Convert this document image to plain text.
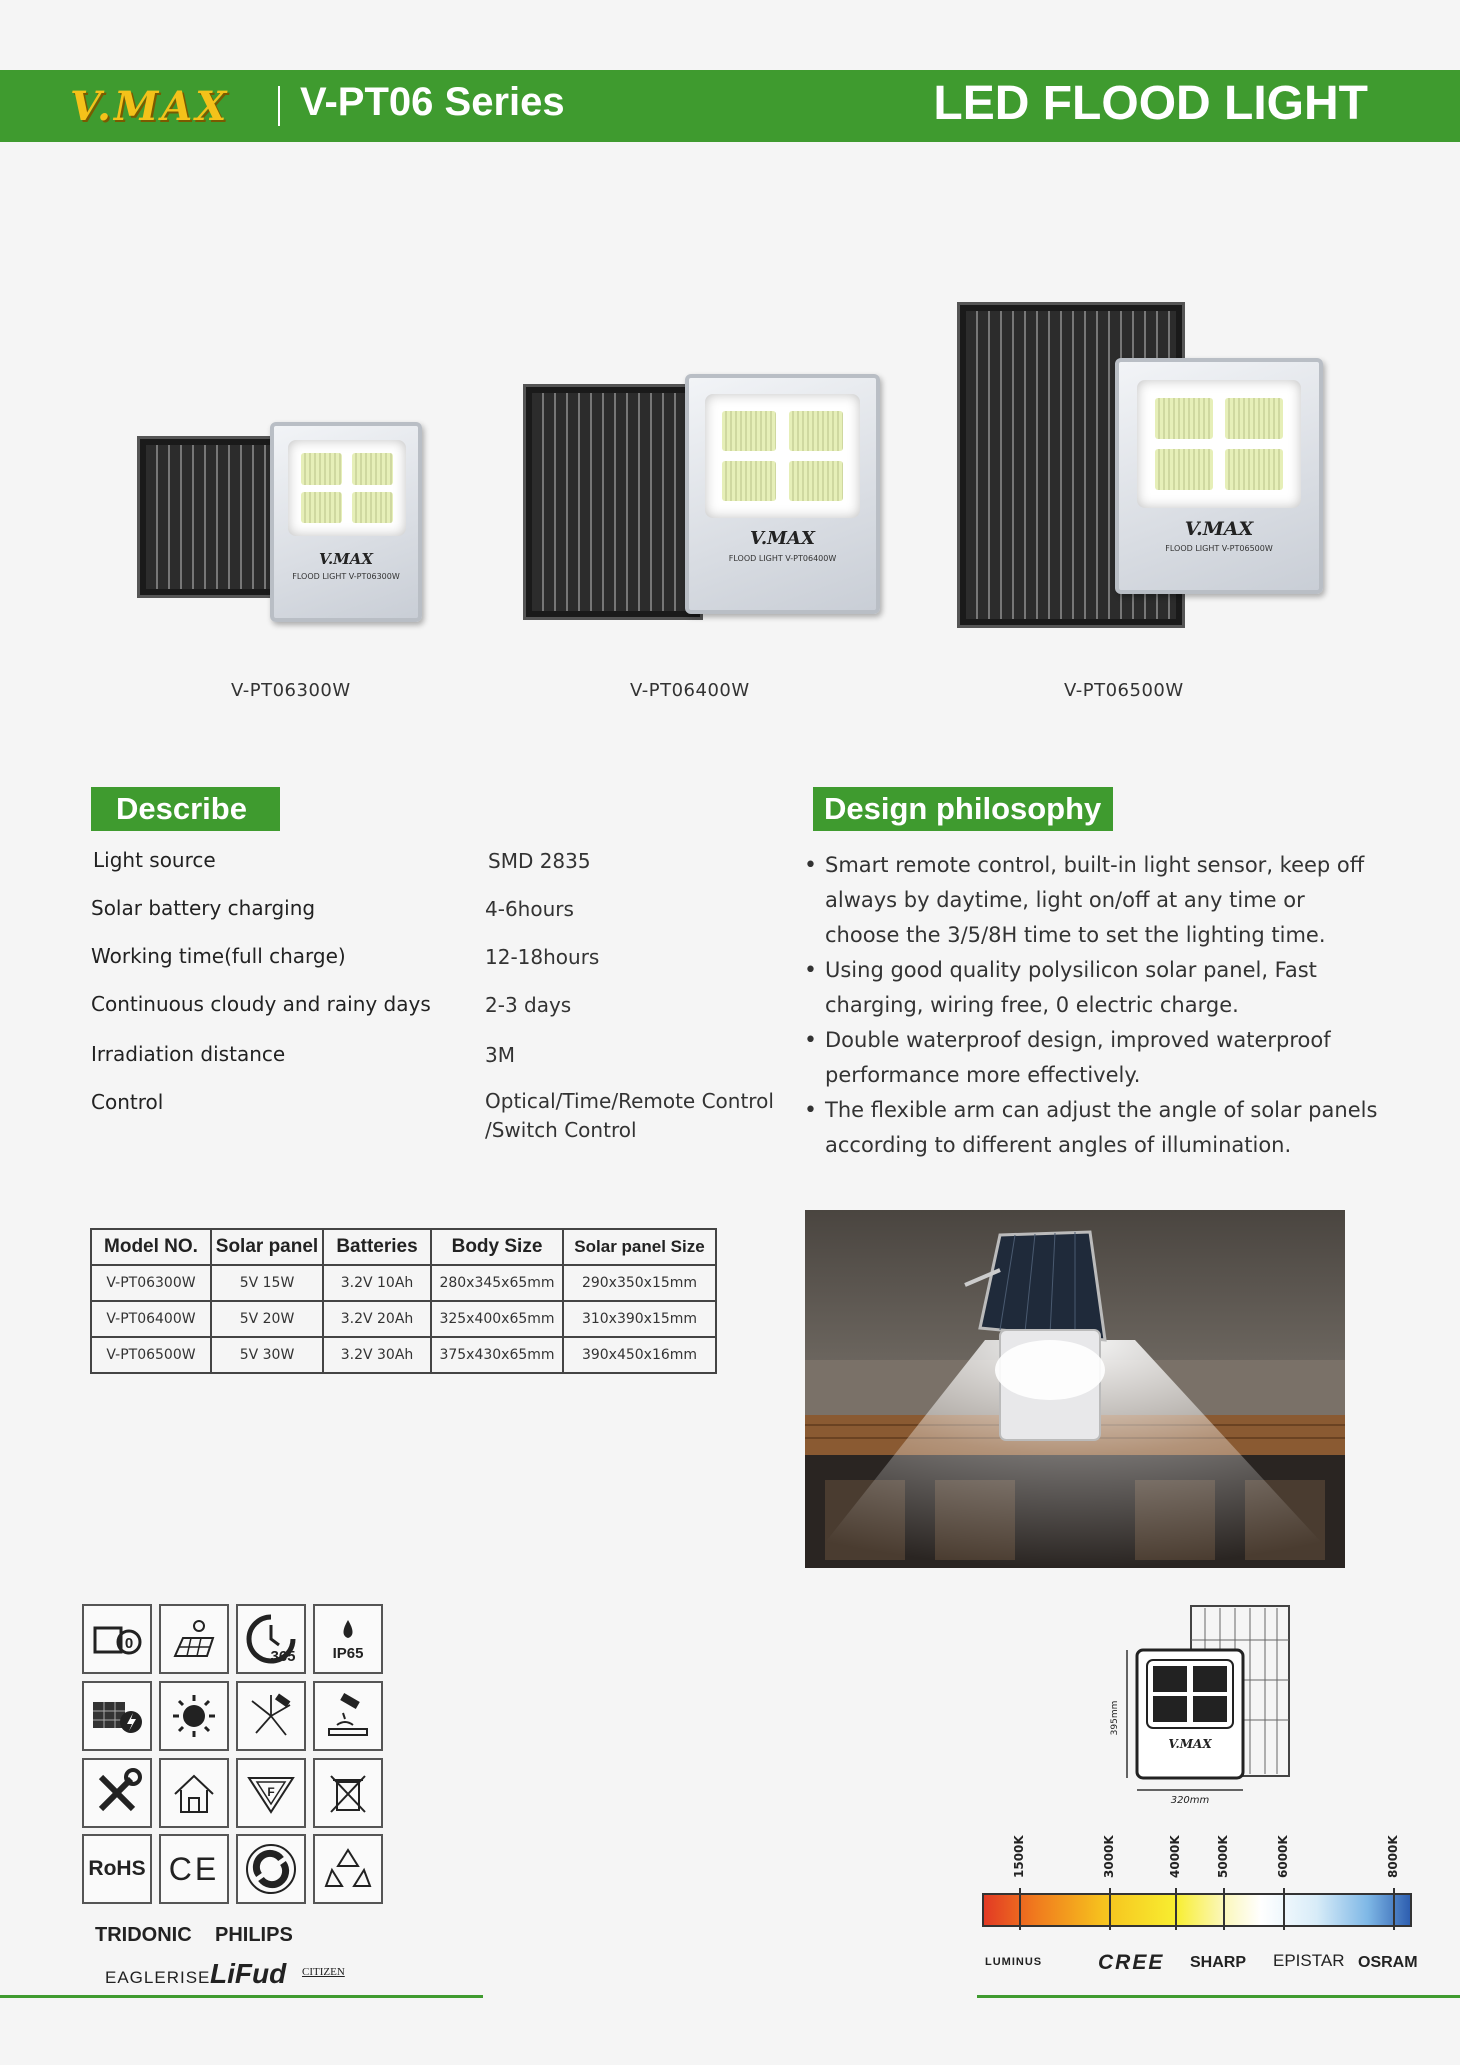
V.MAX V-PT06 Series	LED FLOOD LIGHT
V.MAX
FLOOD LIGHT V-PT06300W
V-PT06300W
V.MAX
FLOOD LIGHT V-PT06400W
V-PT06400W
V.MAX
FLOOD LIGHT V-PT06500W
V-PT06500W
Describe
Light source	SMD 2835
Solar battery charging	4-6hours
Working time(full charge)	12-18hours
Continuous cloudy and rainy days	2-3 days
Irradiation distance	3M
Control	Optical/Time/Remote Control
/Switch Control
Design philosophy
• Smart remote control, built-in light sensor, keep off always by daytime, light on/off at any time or choose the 3/5/8H time to set the lighting time.
• Using good quality polysilicon solar panel, Fast charging, wiring free, 0 electric charge.
• Double waterproof design, improved waterproof performance more effectively.
• The flexible arm can adjust the angle of solar panels according to different angles of illumination.
Model NO.	Solar panel	Batteries	Body Size	Solar panel Size
V-PT06300W	5V 15W	3.2V 10Ah	280x345x65mm	290x350x15mm
V-PT06400W	5V 20W	3.2V 20Ah	325x400x65mm	310x390x15mm
V-PT06500W	5V 30W	3.2V 30Ah	375x430x65mm	390x450x16mm
0
365 IP65
F
RoHS CE
TRIDONIC PHILIPS
EAGLERISE LiFud CITIZEN
V.MAX
395mm
320mm
1500K	3000K	4000K	5000K	6000K	8000K
LUMINUS	CREE SHARP EPISTAR OSRAM
